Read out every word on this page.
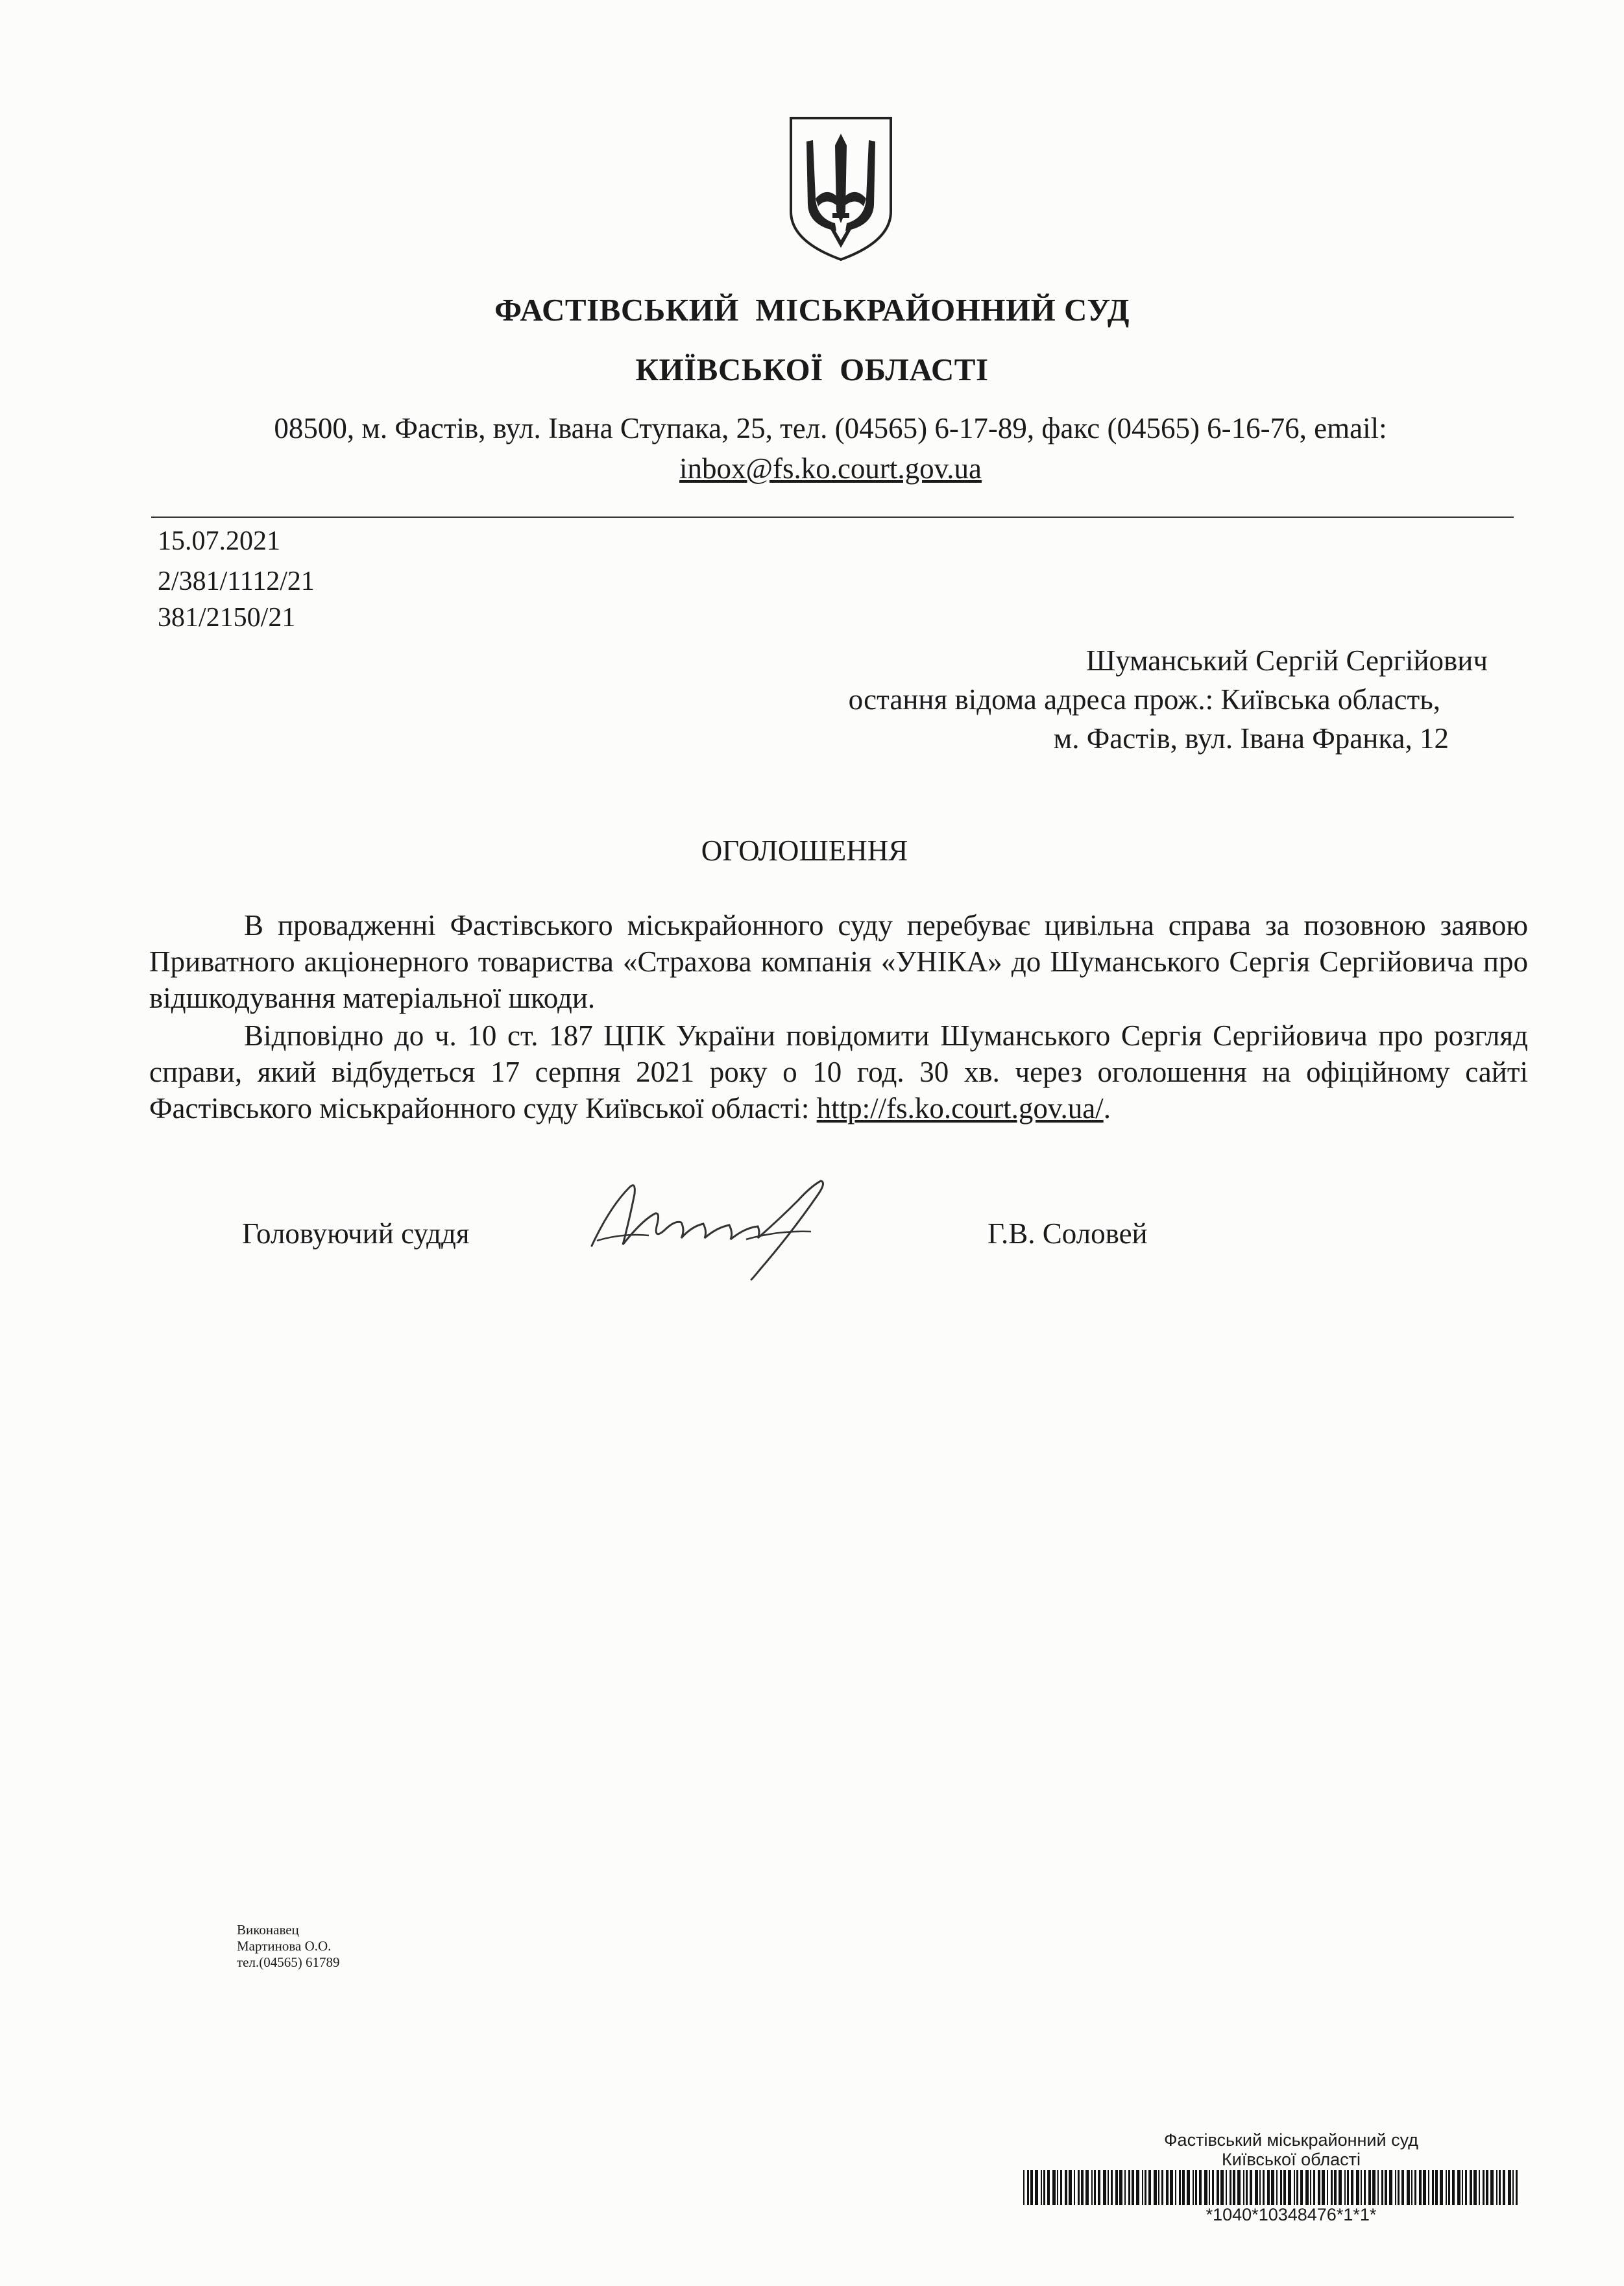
ФАСТІВСЬКИЙ  МІСЬКРАЙОННИЙ СУД
КИЇВСЬКОЇ  ОБЛАСТІ
08500, м. Фастів, вул. Івана Ступака, 25, тел. (04565) 6-17-89, факс (04565) 6-16-76, email:
inbox@fs.ko.court.gov.ua
15.07.2021
2/381/1112/21
381/2150/21
Шуманський Сергій Сергійович
остання відома адреса прож.: Київська область,
м. Фастів, вул. Івана Франка, 12
ОГОЛОШЕННЯ
В провадженні Фастівського міськрайонного суду перебуває цивільна справа за позовною заявою Приватного акціонерного товариства «Страхова компанія «УНІКА» до Шуманського Сергія Сергійовича про відшкодування матеріальної шкоди.
Відповідно до ч. 10 ст. 187 ЦПК України повідомити Шуманського Сергія Сергійовича про розгляд справи, який відбудеться 17 серпня 2021 року о 10 год. 30 хв. через оголошення на офіційному сайті Фастівського міськрайонного суду Київської області: http://fs.ko.court.gov.ua/.
Головуючий суддя	Г.В. Соловей
Виконавец
Мартинова О.О.
тел.(04565) 61789
Фастівський міськрайонний суд
Київської області
*1040*10348476*1*1*
